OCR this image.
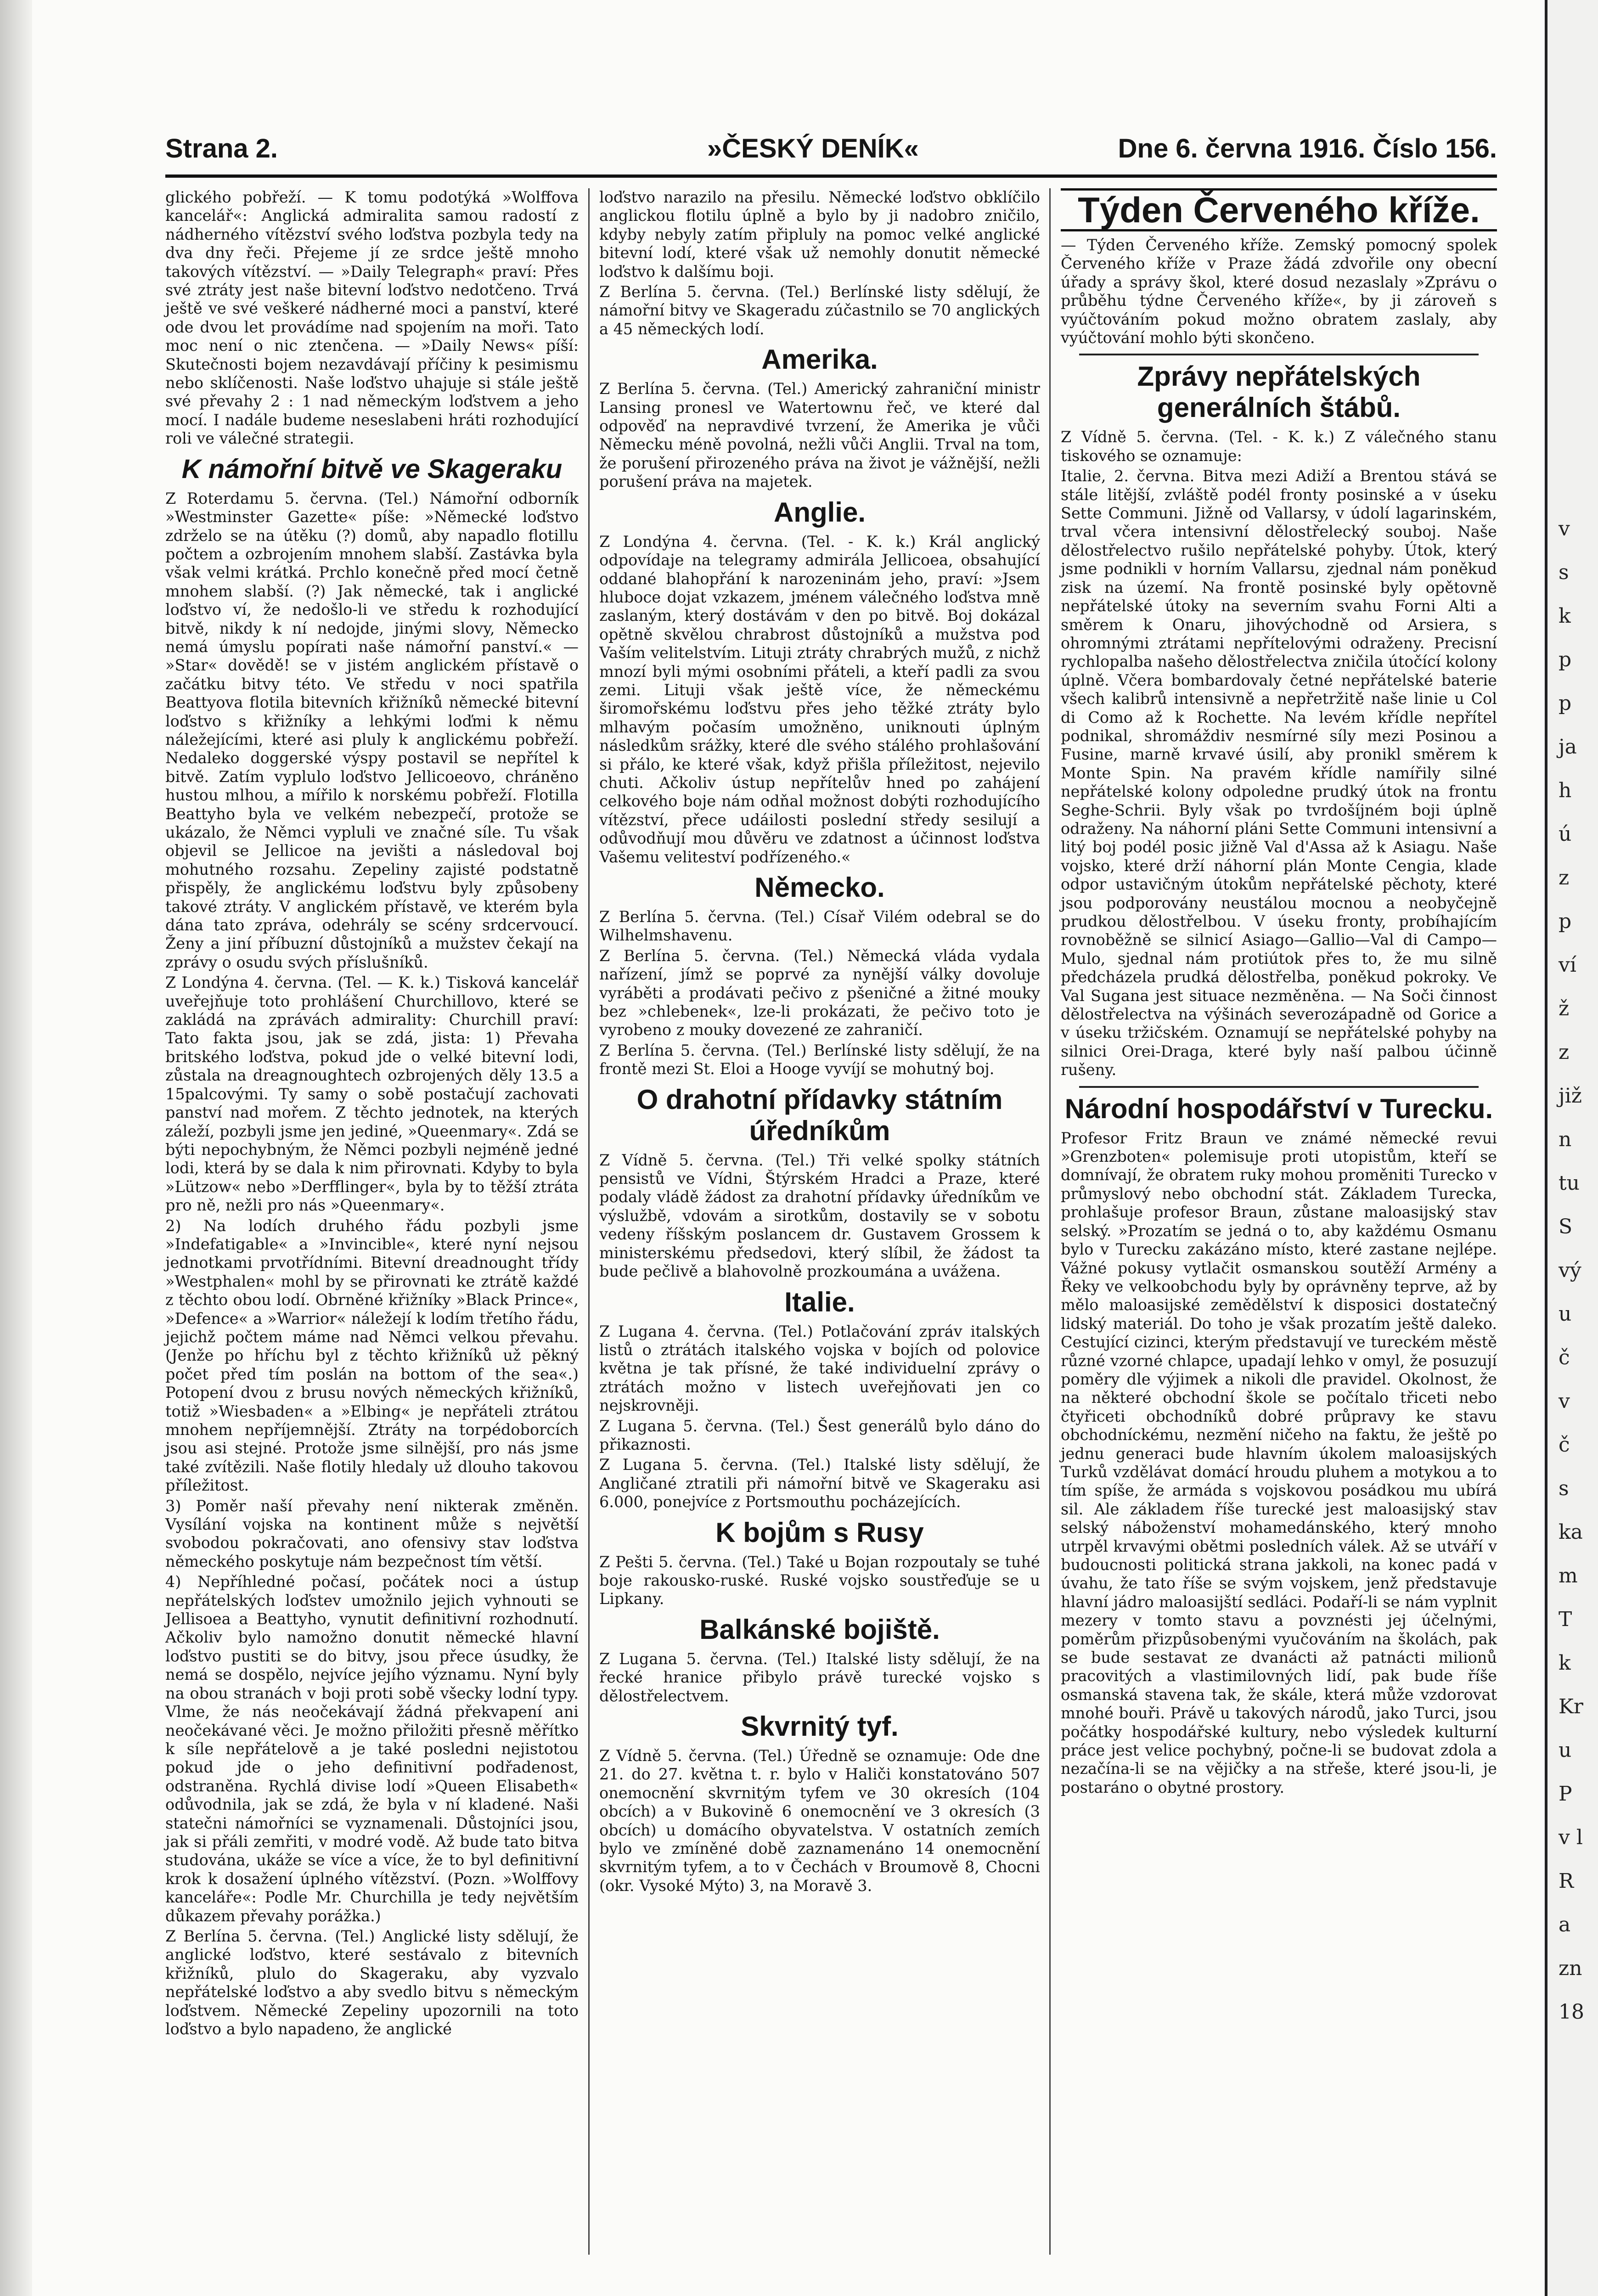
v
s
k
p
p
ja
h
ú
z
p
ví
ž
z
již
n
tu
S
vý
u
č
v
č
s
ka
m
T
k
Kr
u
P
v l
R
a
zn
18
Strana 2.	»ČESKÝ DENÍK«	Dne 6. června 1916. Číslo 156.

glického pobřeží. — K tomu podotýká »Wolffova kancelář«: Anglická admiralita samou radostí z nádherného vítězství svého loďstva pozbyla tedy na dva dny řeči. Přejeme jí ze srdce ještě mnoho takových vítězství. — »Daily Telegraph« praví: Přes své ztráty jest naše bitevní loďstvo nedotčeno. Trvá ještě ve své veškeré nádherné moci a panství, které ode dvou let provádíme nad spojením na moři. Tato moc není o nic ztenčena. — »Daily News« píší: Skutečnosti bojem nezavdávají příčiny k pesimismu nebo sklíčenosti. Naše loďstvo uhajuje si stále ještě své převahy 2 : 1 nad německým loďstvem a jeho mocí. I nadále budeme neseslabeni hráti rozhodující roli ve válečné strategii.

K námořní bitvě ve Skageraku

Z Roterdamu 5. června. (Tel.) Námořní odborník »Westminster Gazette« píše: »Německé loďstvo zdrželo se na útěku (?) domů, aby napadlo flotillu počtem a ozbrojením mnohem slabší. Zastávka byla však velmi krátká. Prchlo konečně před mocí četně mnohem slabší. (?) Jak německé, tak i anglické loďstvo ví, že nedošlo-li ve středu k rozhodující bitvě, nikdy k ní nedojde, jinými slovy, Německo nemá úmyslu popírati naše námořní panství.« — »Star« dovědě! se v jistém anglickém přístavě o začátku bitvy této. Ve středu v noci spatřila Beattyova flotila bitevních křižníků německé bitevní loďstvo s křižníky a lehkými loďmi k němu náležejícími, které asi pluly k anglickému pobřeží. Nedaleko doggerské výspy postavil se nepřítel k bitvě. Zatím vyplulo loďstvo Jellicoeovo, chráněno hustou mlhou, a mířilo k norskému pobřeží. Flotilla Beattyho byla ve velkém nebezpečí, protože se ukázalo, že Němci vypluli ve značné síle. Tu však objevil se Jellicoe na jevišti a následoval boj mohutného rozsahu. Zepeliny zajisté podstatně přispěly, že anglickému loďstvu byly způsobeny takové ztráty. V anglickém přístavě, ve kterém byla dána tato zpráva, odehrály se scény srdcervoucí. Ženy a jiní příbuzní důstojníků a mužstev čekají na zprávy o osudu svých příslušníků.

Z Londýna 4. června. (Tel. — K. k.) Tisková kancelář uveřejňuje toto prohlášení Churchillovo, které se zakládá na zprávách admirality: Churchill praví: Tato fakta jsou, jak se zdá, jista: 1) Převaha britského loďstva, pokud jde o velké bitevní lodi, zůstala na dreagnoughtech ozbrojených děly 13.5 a 15palcovými. Ty samy o sobě postačují zachovati panství nad mořem. Z těchto jednotek, na kterých záleží, pozbyli jsme jen jediné, »Queenmary«. Zdá se býti nepochybným, že Němci pozbyli nejméně jedné lodi, která by se dala k nim přirovnati. Kdyby to byla »Lützow« nebo »Derfflinger«, byla by to těžší ztráta pro ně, nežli pro nás »Queenmary«.

2) Na lodích druhého řádu pozbyli jsme »Indefatigable« a »Invincible«, které nyní nejsou jednotkami prvotřídními. Bitevní dreadnought třídy »Westphalen« mohl by se přirovnati ke ztrátě každé z těchto obou lodí. Obrněné křižníky »Black Prince«, »Defence« a »Warrior« náležejí k lodím třetího řádu, jejichž počtem máme nad Němci velkou převahu. (Jenže po hříchu byl z těchto křižníků už pěkný počet před tím poslán na bottom of the sea«.) Potopení dvou z brusu nových německých křižníků, totiž »Wiesbaden« a »Elbing« je nepřáteli ztrátou mnohem nepříjemnější. Ztráty na torpédoborcích jsou asi stejné. Protože jsme silnější, pro nás jsme také zvítězili. Naše flotily hledaly už dlouho takovou příležitost.

3) Poměr naší převahy není nikterak změněn. Vysílání vojska na kontinent může s největší svobodou pokračovati, ano ofensivy stav loďstva německého poskytuje nám bezpečnost tím větší.

4) Nepříhledné počasí, počátek noci a ústup nepřátelských loďstev umožnilo jejich vyhnouti se Jellisoea a Beattyho, vynutit definitivní rozhodnutí. Ačkoliv bylo namožno donutit německé hlavní loďstvo pustiti se do bitvy, jsou přece úsudky, že nemá se dospělo, nejvíce jejího významu. Nyní byly na obou stranách v boji proti sobě všecky lodní typy. Vlme, že nás neočekávají žádná překvapení ani neočekávané věci. Je možno přiložiti přesně měřítko k síle nepřátelově a je také posledni nejistotou pokud jde o jeho definitivní podřadenost, odstraněna. Rychlá divise lodí »Queen Elisabeth« odůvodnila, jak se zdá, že byla v ní kladené. Naši statečni námořníci se vyznamenali. Důstojníci jsou, jak si přáli zemřiti, v modré vodě. Až bude tato bitva studována, ukáže se více a více, že to byl definitivní krok k dosažení úplného vítězství. (Pozn. »Wolffovy kanceláře«: Podle Mr. Churchilla je tedy největším důkazem převahy porážka.)

Z Berlína 5. června. (Tel.) Anglické listy sdělují, že anglické loďstvo, které sestávalo z bitevních křižníků, plulo do Skageraku, aby vyzvalo nepřátelské loďstvo a aby svedlo bitvu s německým loďstvem. Německé Zepeliny upozornili na toto loďstvo a bylo napadeno, že anglické

loďstvo narazilo na přesilu. Německé loďstvo obklíčilo anglickou flotilu úplně a bylo by ji nadobro zničilo, kdyby nebyly zatím připluly na pomoc velké anglické bitevní lodí, které však už nemohly donutit německé loďstvo k dalšímu boji.

Z Berlína 5. června. (Tel.) Berlínské listy sdělují, že námořní bitvy ve Skageradu zúčastnilo se 70 anglických a 45 německých lodí.

Amerika.

Z Berlína 5. června. (Tel.) Americký zahraniční ministr Lansing pronesl ve Watertownu řeč, ve které dal odpověď na nepravdivé tvrzení, že Amerika je vůči Německu méně povolná, nežli vůči Anglii. Trval na tom, že porušení přirozeného práva na život je vážnější, nežli porušení práva na majetek.

Anglie.

Z Londýna 4. června. (Tel. - K. k.) Král anglický odpovídaje na telegramy admirála Jellicoea, obsahující oddané blahopřání k narozeninám jeho, praví: »Jsem hluboce dojat vzkazem, jménem válečného loďstva mně zaslaným, který dostávám v den po bitvě. Boj dokázal opětně skvělou chrabrost důstojníků a mužstva pod Vaším velitelstvím. Lituji ztráty chrabrých mužů, z nichž mnozí byli mými osobními přáteli, a kteří padli za svou zemi. Lituji však ještě více, že německému širomořskému loďstvu přes jeho těžké ztráty bylo mlhavým počasím umožněno, uniknouti úplným následkům srážky, které dle svého stálého prohlašování si přálo, ke které však, když přišla příležitost, nejevilo chuti. Ačkoliv ústup nepřítelův hned po zahájení celkového boje nám odňal možnost dobýti rozhodujícího vítězství, přece udáilosti poslední středy sesilují a odůvodňují mou důvěru ve zdatnost a účinnost loďstva Vašemu veliteství podřízeného.«

Německo.

Z Berlína 5. června. (Tel.) Císař Vilém odebral se do Wilhelmshavenu.

Z Berlína 5. června. (Tel.) Německá vláda vydala nařízení, jímž se poprvé za nynější války dovoluje vyráběti a prodávati pečivo z pšeničné a žitné mouky bez »chlebenek«, lze-li prokázati, že pečivo toto je vyrobeno z mouky dovezené ze zahraničí.

Z Berlína 5. června. (Tel.) Berlínské listy sdělují, že na frontě mezi St. Eloi a Hooge vyvíjí se mohutný boj.

O drahotní přídavky státním úředníkům

Z Vídně 5. června. (Tel.) Tři velké spolky státních pensistů ve Vídni, Štýrském Hradci a Praze, které podaly vládě žádost za drahotní přídavky úředníkům ve výslužbě, vdovám a sirotkům, dostavily se v sobotu vedeny říšským poslancem dr. Gustavem Grossem k ministerskému předsedovi, který slíbil, že žádost ta bude pečlivě a blahovolně prozkoumána a uvážena.

Italie.

Z Lugana 4. června. (Tel.) Potlačování zpráv italských listů o ztrátách italského vojska v bojích od polovice května je tak přísné, že také individuelní zprávy o ztrátách možno v listech uveřejňovati jen co nejskrovněji.

Z Lugana 5. června. (Tel.) Šest generálů bylo dáno do přikaznosti.

Z Lugana 5. června. (Tel.) Italské listy sdělují, že Angličané ztratili při námořní bitvě ve Skageraku asi 6.000, ponejvíce z Portsmouthu pocházejících.

K bojům s Rusy

Z Pešti 5. června. (Tel.) Také u Bojan rozpoutaly se tuhé boje rakousko-ruské. Ruské vojsko soustřeďuje se u Lipkany.

Balkánské bojiště.

Z Lugana 5. června. (Tel.) Italské listy sdělují, že na řecké hranice přibylo právě turecké vojsko s dělostřelectvem.

Skvrnitý tyf.

Z Vídně 5. června. (Tel.) Úředně se oznamuje: Ode dne 21. do 27. května t. r. bylo v Haliči konstatováno 507 onemocnění skvrnitým tyfem ve 30 okresích (104 obcích) a v Bukovině 6 onemocnění ve 3 okresích (3 obcích) u domácího obyvatelstva. V ostatních zemích bylo ve zmíněné době zaznamenáno 14 onemocnění skvrnitým tyfem, a to v Čechách v Broumově 8, Chocni (okr. Vysoké Mýto) 3, na Moravě 3.

Týden Červeného kříže.

— Týden Červeného kříže. Zemský pomocný spolek Červeného kříže v Praze žádá zdvořile ony obecní úřady a správy škol, které dosud nezaslaly »Zprávu o průběhu týdne Červeného kříže«, by ji zároveň s vyúčtováním pokud možno obratem zaslaly, aby vyúčtování mohlo býti skončeno.

Zprávy nepřátelských generálních štábů.

Z Vídně 5. června. (Tel. - K. k.) Z válečného stanu tiskového se oznamuje:

Italie, 2. června. Bitva mezi Adiží a Brentou stává se stále litější, zvláště podél fronty posinské a v úseku Sette Communi. Jižně od Vallarsy, v údolí lagarinském, trval včera intensivní dělostřelecký souboj. Naše dělostřelectvo rušilo nepřátelské pohyby. Útok, který jsme podnikli v horním Vallarsu, zjednal nám poněkud zisk na území. Na frontě posinské byly opětovně nepřátelské útoky na severním svahu Forni Alti a směrem k Onaru, jihovýchodně od Arsiera, s ohromnými ztrátami nepřítelovými odraženy. Precisní rychlopalba našeho dělostřelectva zničila útočící kolony úplně. Včera bombardovaly četné nepřátelské baterie všech kalibrů intensivně a nepřetržitě naše linie u Col di Como až k Rochette. Na levém křídle nepřítel podnikal, shromáždiv nesmírné síly mezi Posinou a Fusine, marně krvavé úsilí, aby pronikl směrem k Monte Spin. Na pravém křídle namířily silné nepřátelské kolony odpoledne prudký útok na frontu Seghe-Schrii. Byly však po tvrdošíjném boji úplně odraženy. Na náhorní pláni Sette Communi intensivní a litý boj podél posic jižně Val d'Assa až k Asiagu. Naše vojsko, které drží náhorní plán Monte Cengia, klade odpor ustavičným útokům nepřátelské pěchoty, které jsou podporovány neustálou mocnou a neobyčejně prudkou dělostřelbou. V úseku fronty, probíhajícím rovnoběžně se silnicí Asiago—Gallio—Val di Campo—Mulo, sjednal nám protiútok přes to, že mu silně předcházela prudká dělostřelba, poněkud pokroky. Ve Val Sugana jest situace nezměněna. — Na Soči činnost dělostřelectva na výšinách severozápadně od Gorice a v úseku tržičském. Oznamují se nepřátelské pohyby na silnici Orei-Draga, které byly naší palbou účinně rušeny.

Národní hospodářství v Turecku.

Profesor Fritz Braun ve známé německé revui »Grenzboten« polemisuje proti utopistům, kteří se domnívají, že obratem ruky mohou proměniti Turecko v průmyslový nebo obchodní stát. Základem Turecka, prohlašuje profesor Braun, zůstane maloasijský stav selský. »Prozatím se jedná o to, aby každému Osmanu bylo v Turecku zakázáno místo, které zastane nejlépe. Vážné pokusy vytlačit osmanskou soutěží Armény a Řeky ve velkoobchodu byly by oprávněny teprve, až by mělo maloasijské zemědělství k disposici dostatečný lidský materiál. Do toho je však prozatím ještě daleko. Cestující cizinci, kterým představují ve tureckém městě různé vzorné chlapce, upadají lehko v omyl, že posuzují poměry dle výjimek a nikoli dle pravidel. Okolnost, že na některé obchodní škole se počítalo třiceti nebo čtyřiceti obchodníků dobré průpravy ke stavu obchodníckému, nezmění ničeho na faktu, že ještě po jednu generaci bude hlavním úkolem maloasijských Turků vzdělávat domácí hroudu pluhem a motykou a to tím spíše, že armáda s vojskovou posádkou mu ubírá sil. Ale základem říše turecké jest maloasijský stav selský náboženství mohamedánského, který mnoho utrpěl krvavými obětmi posledních válek. Až se utváří v budoucnosti politická strana jakkoli, na konec padá v úvahu, že tato říše se svým vojskem, jenž představuje hlavní jádro maloasijští sedláci. Podaří-li se nám vyplnit mezery v tomto stavu a povznésti jej účelnými, poměrům přizpůsobenými vyučováním na školách, pak se bude sestavat ze dvanácti až patnácti milionů pracovitých a vlastimilovných lidí, pak bude říše osmanská stavena tak, že skále, která může vzdorovat mnohé bouři. Právě u takových národů, jako Turci, jsou počátky hospodářské kultury, nebo výsledek kulturní práce jest velice pochybný, počne-li se budovat zdola a nezačína-li se na vějičky a na střeše, které jsou-li, je postaráno o obytné prostory.
